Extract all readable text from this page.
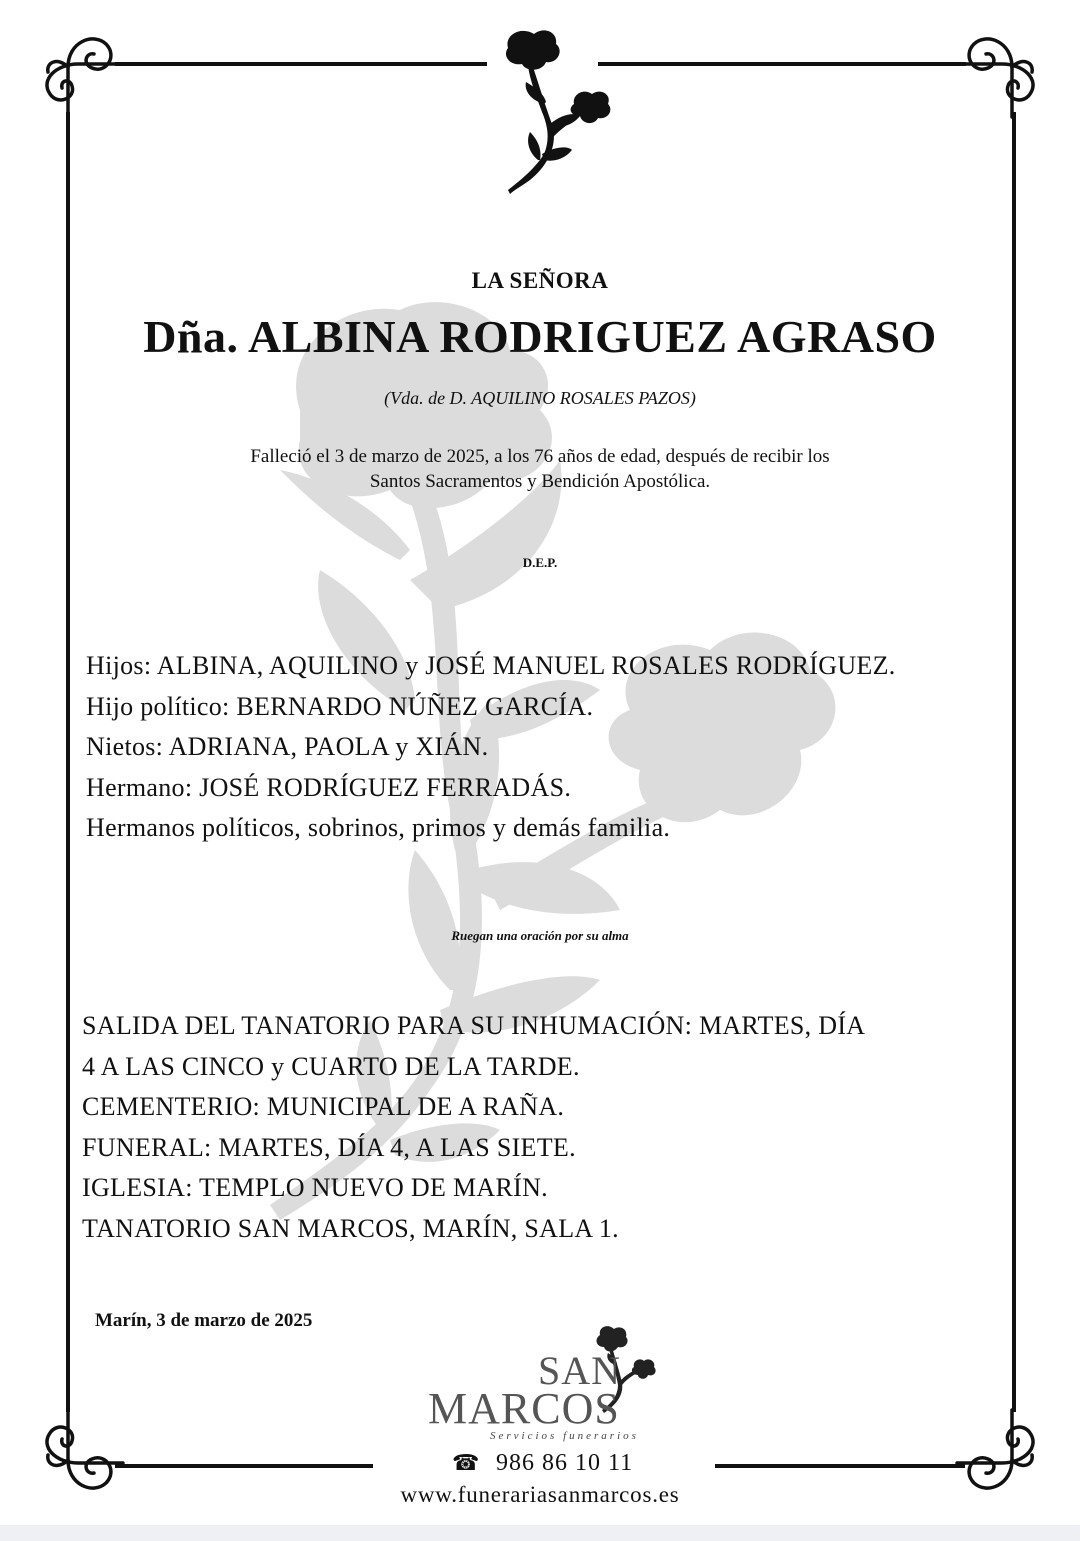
LA SEÑORA
Dña. ALBINA RODRIGUEZ AGRASO
(Vda. de D. AQUILINO ROSALES PAZOS)
Falleció el 3 de marzo de 2025, a los 76 años de edad, después de recibir los
Santos Sacramentos y Bendición Apostólica.
D.E.P.
Hijos: ALBINA, AQUILINO y JOSÉ MANUEL ROSALES RODRÍGUEZ.
Hijo político: BERNARDO NÚÑEZ GARCÍA.
Nietos: ADRIANA, PAOLA y XIÁN.
Hermano: JOSÉ RODRÍGUEZ FERRADÁS.
Hermanos políticos, sobrinos, primos y demás familia.
Ruegan una oración por su alma
SALIDA DEL TANATORIO PARA SU INHUMACIÓN: MARTES, DÍA
4 A LAS CINCO y CUARTO DE LA TARDE.
CEMENTERIO: MUNICIPAL DE A RAÑA.
FUNERAL: MARTES, DÍA 4, A LAS SIETE.
IGLESIA: TEMPLO NUEVO DE MARÍN.
TANATORIO SAN MARCOS, MARÍN, SALA 1.
Marín, 3 de marzo de 2025
SAN
MARCOS
Servicios funerarios
☎ 986 86 10 11
www.funerariasanmarcos.es
